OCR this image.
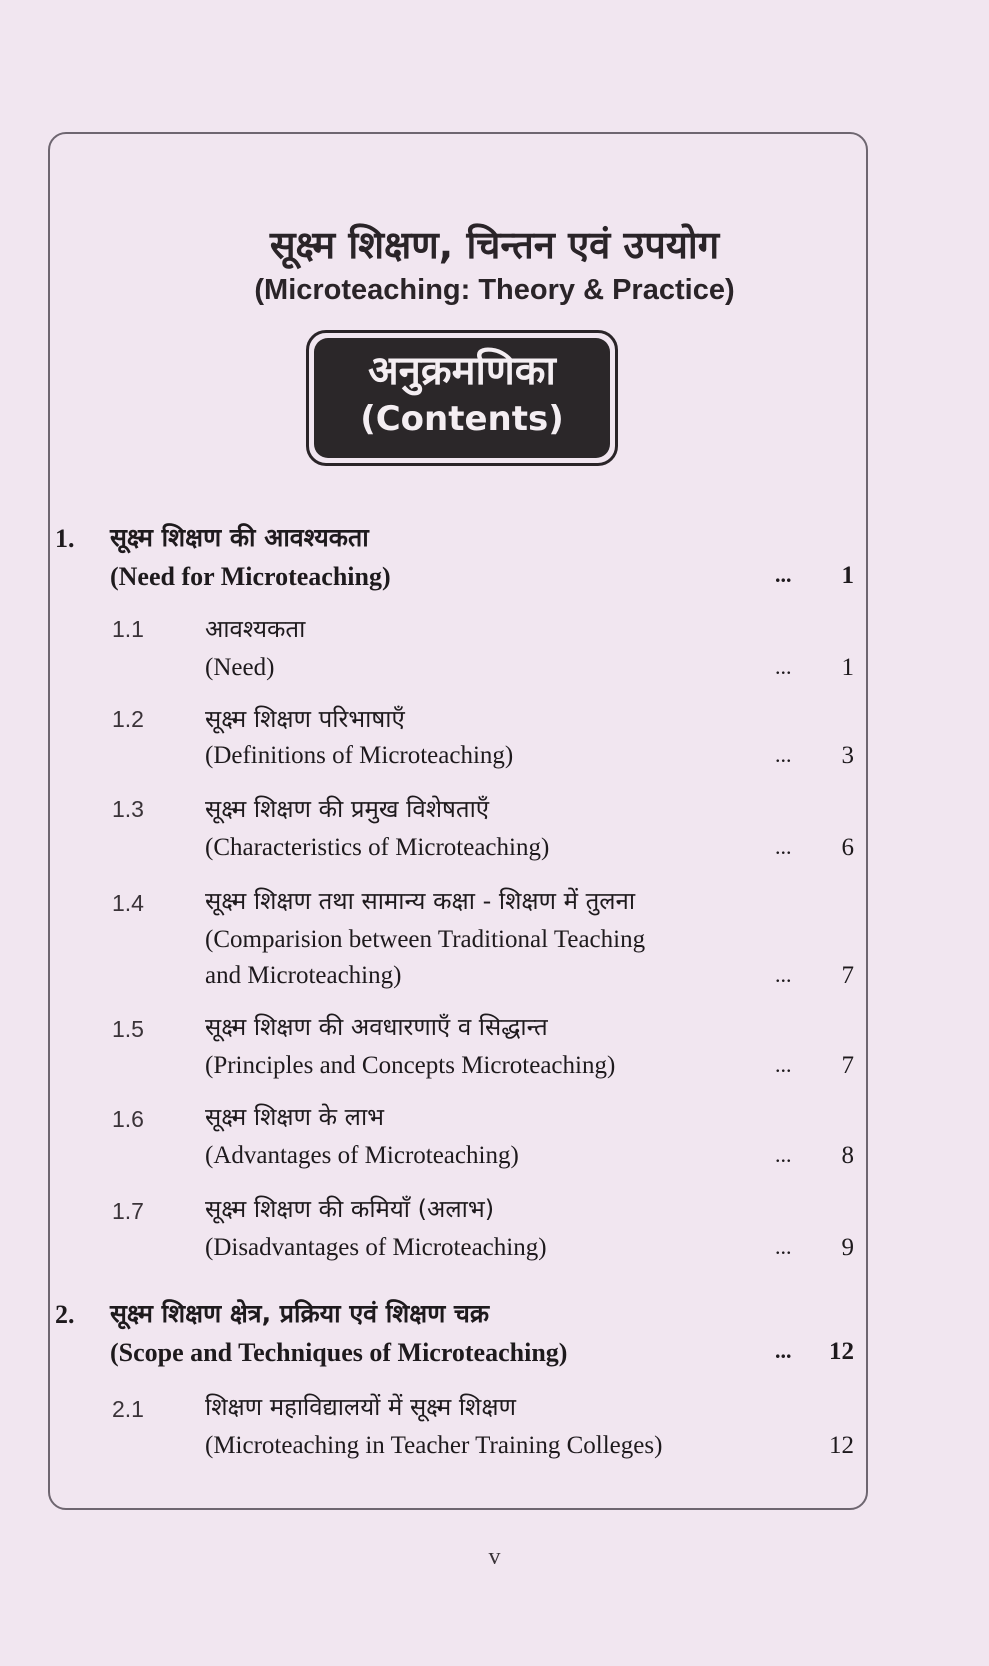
सूक्ष्म शिक्षण, चिन्तन एवं उपयोग
(Microteaching: Theory & Practice)
अनुक्रमणिका
(Contents)
1. सूक्ष्म शिक्षण की आवश्यकता
(Need for Microteaching)	... 1
1.1	आवश्यकता
(Need)	... 1
1.2	सूक्ष्म शिक्षण परिभाषाएँ
(Definitions of Microteaching)	... 3
1.3	सूक्ष्म शिक्षण की प्रमुख विशेषताएँ
(Characteristics of Microteaching)	... 6
1.4	सूक्ष्म शिक्षण तथा सामान्य कक्षा - शिक्षण में तुलना
(Comparision between Traditional Teaching
and Microteaching)	... 7
1.5	सूक्ष्म शिक्षण की अवधारणाएँ व सिद्धान्त
(Principles and Concepts Microteaching)	... 7
1.6	सूक्ष्म शिक्षण के लाभ
(Advantages of Microteaching)	... 8
1.7	सूक्ष्म शिक्षण की कमियाँ (अलाभ)
(Disadvantages of Microteaching)	... 9
2. सूक्ष्म शिक्षण क्षेत्र, प्रक्रिया एवं शिक्षण चक्र
(Scope and Techniques of Microteaching)	... 12
2.1	शिक्षण महाविद्यालयों में सूक्ष्म शिक्षण
(Microteaching in Teacher Training Colleges)	12
v
